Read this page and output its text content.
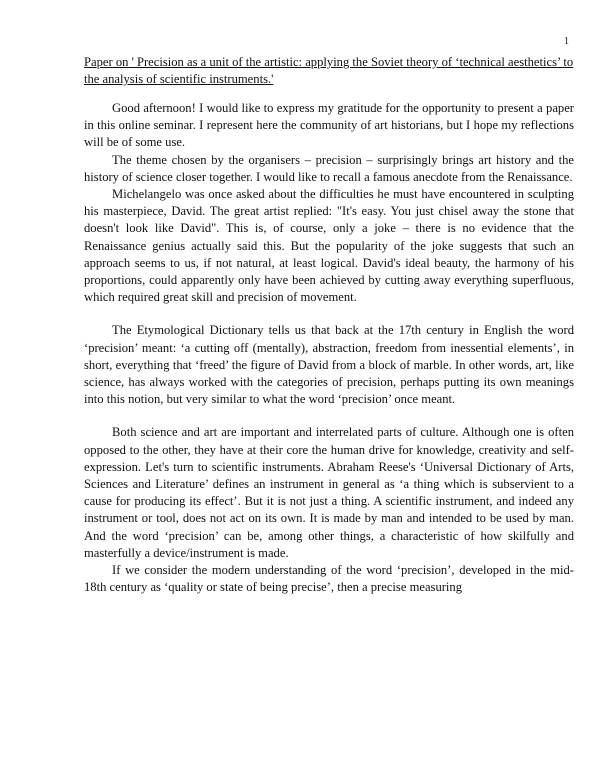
1
Paper on ' Precision as a unit of the artistic: applying the Soviet theory of ‘technical aesthetics’ to the analysis of scientific instruments.'

Good afternoon! I would like to express my gratitude for the opportunity to present a paper in this online seminar. I represent here the community of art historians, but I hope my reflections will be of some use.

The theme chosen by the organisers – precision – surprisingly brings art history and the history of science closer together. I would like to recall a famous anecdote from the Renaissance.

Michelangelo was once asked about the difficulties he must have encountered in sculpting his masterpiece, David. The great artist replied: "It's easy. You just chisel away the stone that doesn't look like David". This is, of course, only a joke – there is no evidence that the Renaissance genius actually said this. But the popularity of the joke suggests that such an approach seems to us, if not natural, at least logical. David's ideal beauty, the harmony of his proportions, could apparently only have been achieved by cutting away everything superfluous, which required great skill and precision of movement.

The Etymological Dictionary tells us that back at the 17th century in English the word ‘precision’ meant: ‘a cutting off (mentally), abstraction, freedom from inessential elements’, in short, everything that ‘freed’ the figure of David from a block of marble. In other words, art, like science, has always worked with the categories of precision, perhaps putting its own meanings into this notion, but very similar to what the word ‘precision’ once meant.

Both science and art are important and interrelated parts of culture. Although one is often opposed to the other, they have at their core the human drive for knowledge, creativity and self-expression. Let's turn to scientific instruments. Abraham Reese's ‘Universal Dictionary of Arts, Sciences and Literature’ defines an instrument in general as ‘a thing which is subservient to a cause for producing its effect’. But it is not just a thing. A scientific instrument, and indeed any instrument or tool, does not act on its own. It is made by man and intended to be used by man. And the word ‘precision’ can be, among other things, a characteristic of how skilfully and masterfully a device/instrument is made.

If we consider the modern understanding of the word ‘precision’, developed in the mid-18th century as ‘quality or state of being precise’, then a precise measuring
